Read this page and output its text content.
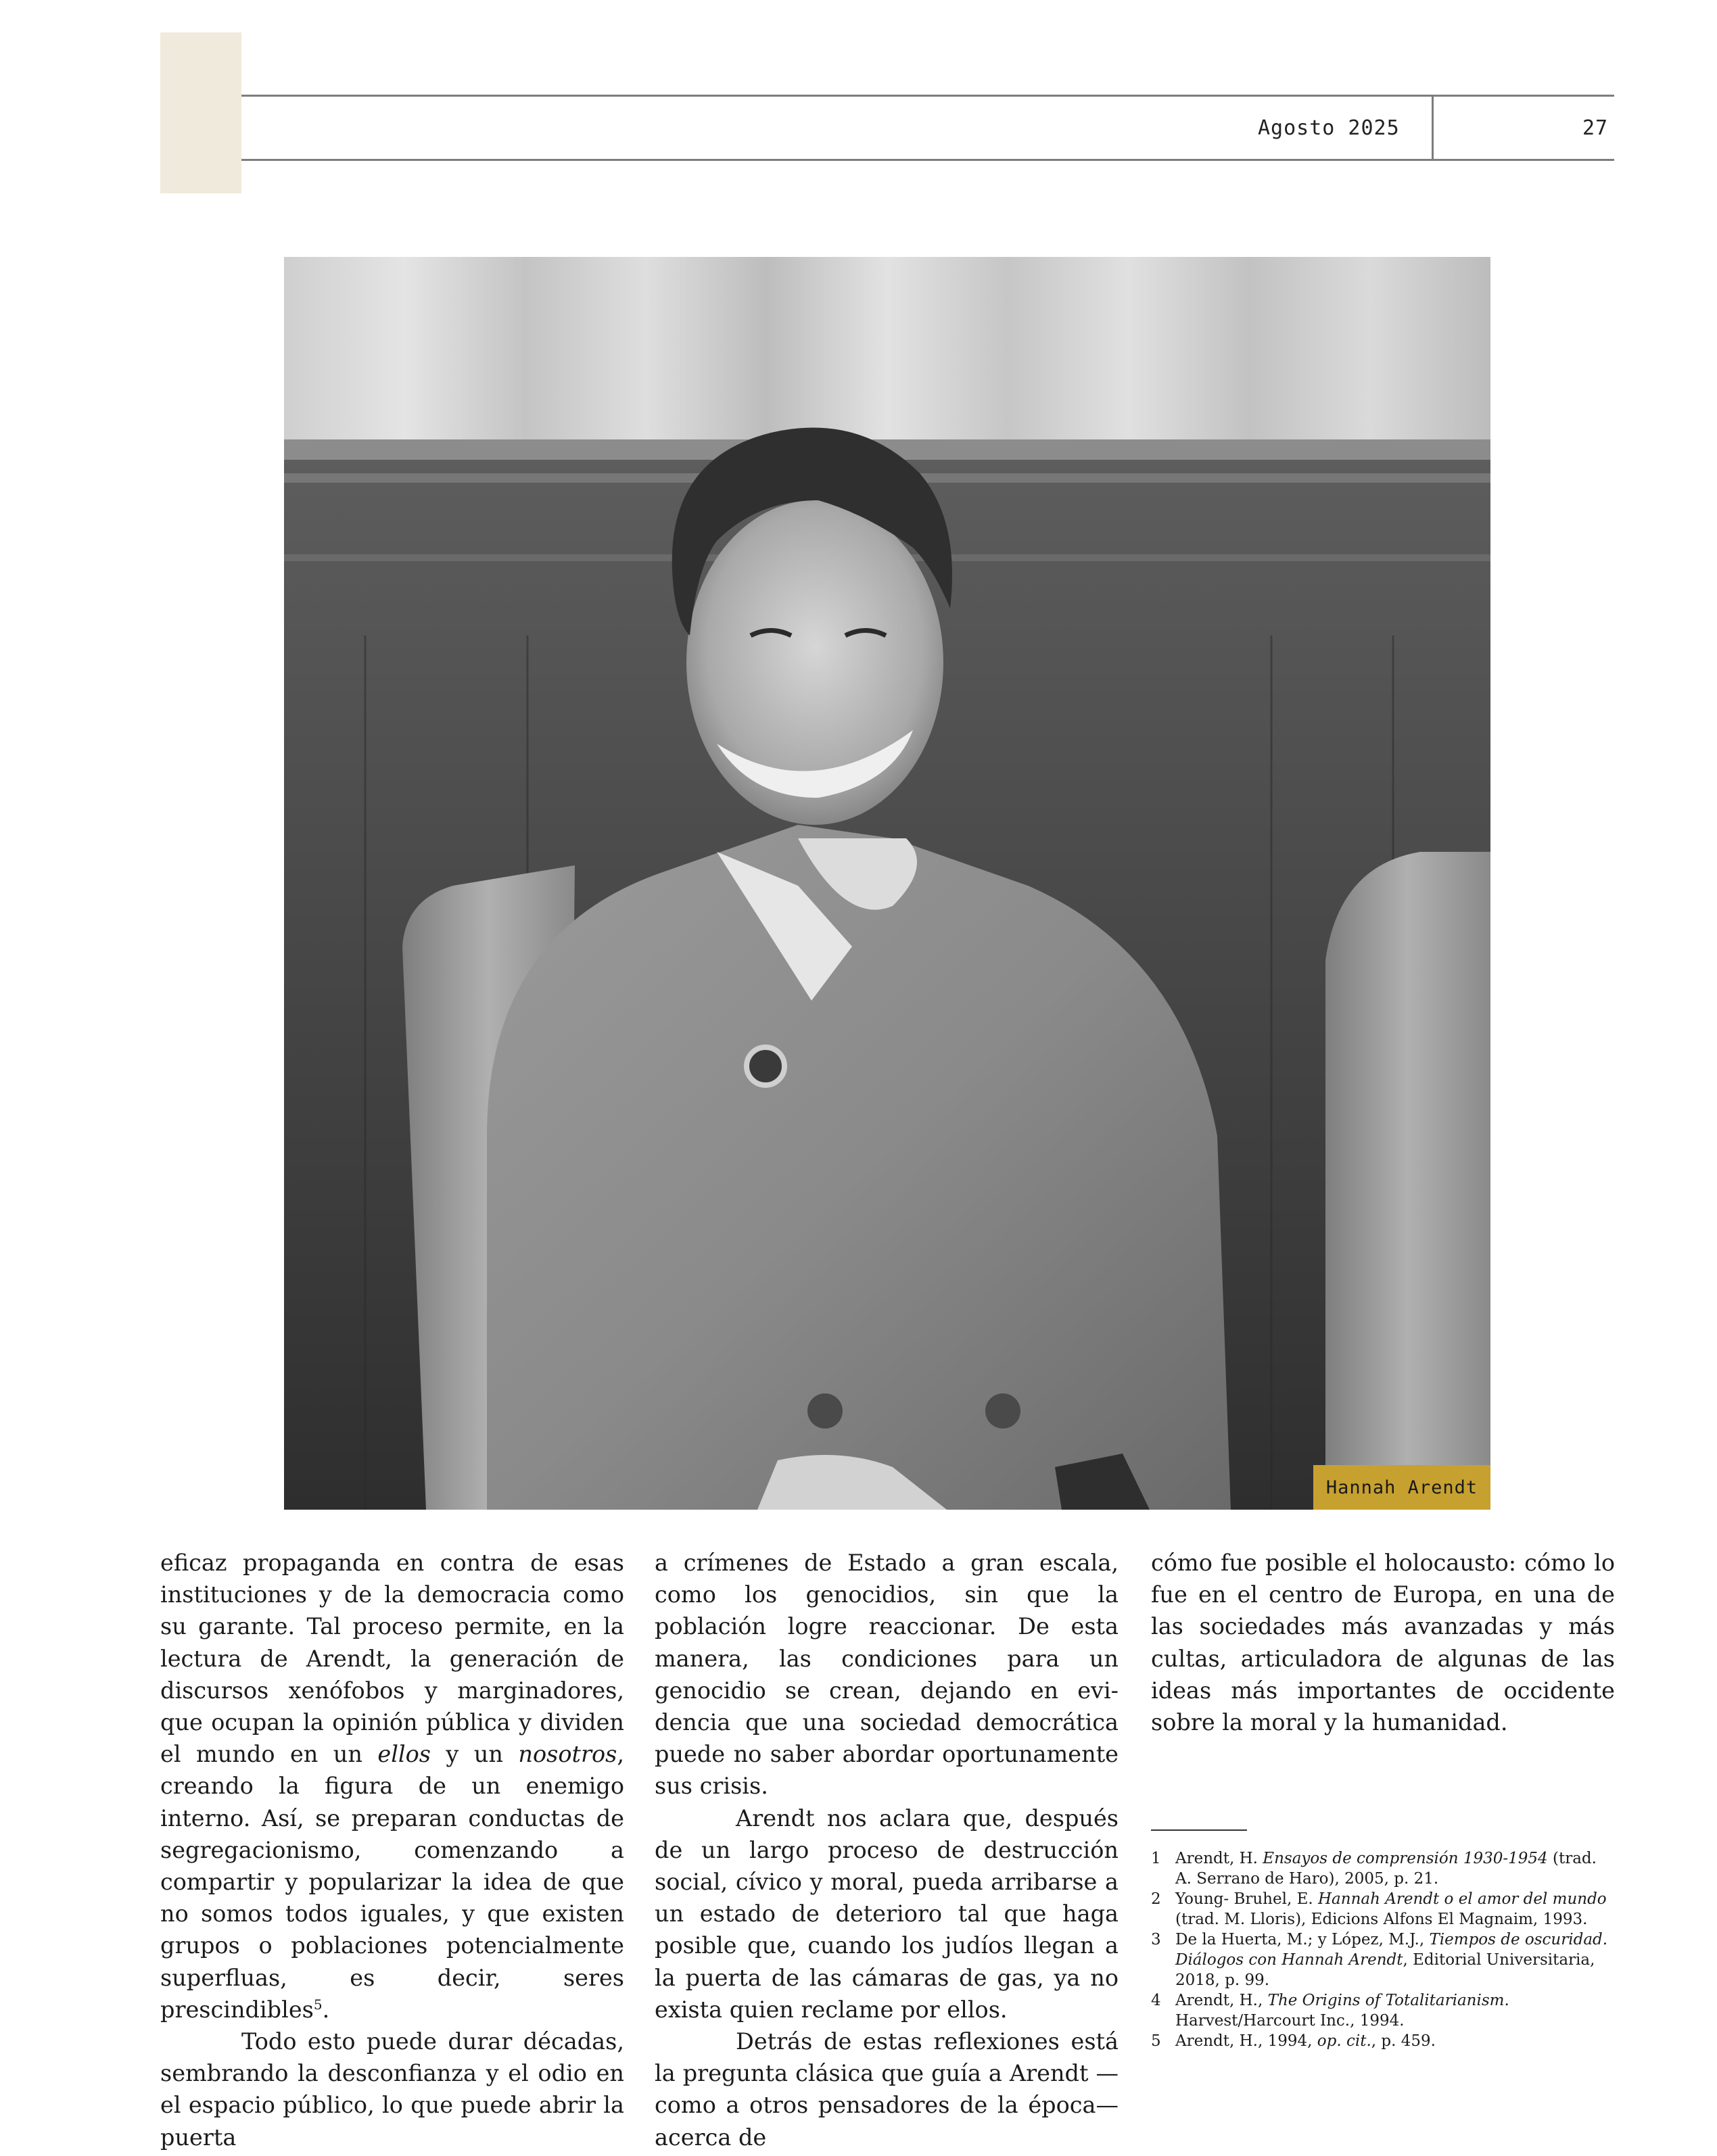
Agosto 2025	27
Hannah Arendt

eficaz propaganda en contra de esas instituciones y de la democracia como su garante. Tal proceso permite, en la lectura de Arendt, la generación de discursos xenófobos y marginadores, que ocupan la opinión pública y dividen el mundo en un ellos y un nosotros, creando la figura de un enemigo interno. Así, se preparan conductas de segregacionismo, comenzando a compartir y popularizar la idea de que no somos todos iguales, y que existen grupos o poblaciones potencialmente superfluas, es decir, seres prescindibles$^5$.

Todo esto puede durar décadas, sembrando la desconfianza y el odio en el espacio público, lo que puede abrir la puerta

a crímenes de Estado a gran escala, como los genocidios, sin que la población logre reaccionar. De esta manera, las condiciones para un genocidio se crean, dejando en evidencia que una sociedad democrática puede no saber abordar oportunamente sus crisis.

Arendt nos aclara que, después de un largo proceso de destrucción social, cívico y moral, pueda arribarse a un estado de deterioro tal que haga posible que, cuando los judíos llegan a la puerta de las cámaras de gas, ya no exista quien reclame por ellos.

Detrás de estas reflexiones está la pregunta clásica que guía a Arendt —como a otros pensadores de la época— acerca de

cómo fue posible el holocausto: cómo lo fue en el centro de Europa, en una de las sociedades más avanzadas y más cultas, articuladora de algunas de las ideas más importantes de occidente sobre la moral y la humanidad.

1 Arendt, H. Ensayos de comprensión 1930-1954 (trad. A. Serrano de Haro), 2005, p. 21.

2 Young- Bruhel, E. Hannah Arendt o el amor del mundo (trad. M. Lloris), Edicions Alfons El Magnaim, 1993.

3 De la Huerta, M.; y López, M.J., Tiempos de oscuridad. Diálogos con Hannah Arendt, Editorial Universitaria, 2018, p. 99.

4 Arendt, H., The Origins of Totalitarianism. Harvest/Harcourt Inc., 1994.

5 Arendt, H., 1994, op. cit., p. 459.
